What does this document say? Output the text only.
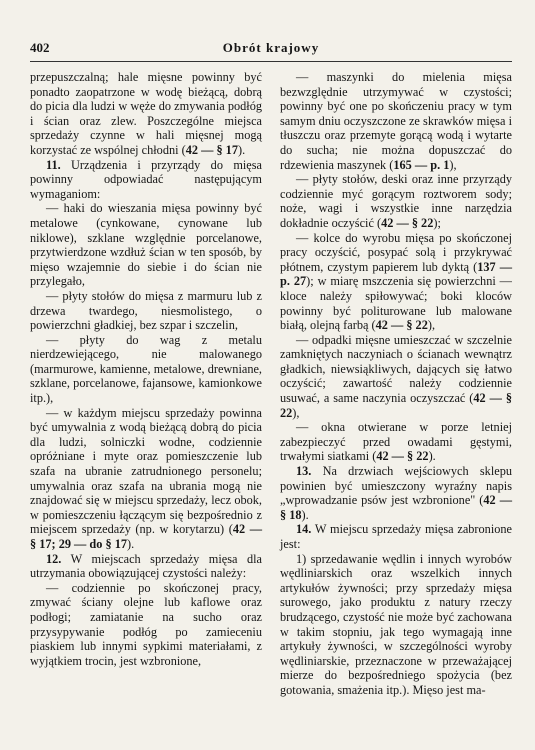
402	Obrót krajowy

przepuszczalną; hale mięsne powinny być ponadto zaopatrzone w wodę bieżącą, dobrą do picia dla ludzi w węże do zmywania podłóg i ścian oraz zlew. Poszczególne miejsca sprzedaży czynne w hali mięsnej mogą korzystać ze wspólnej chłodni (42 — § 17).

11. Urządzenia i przyrządy do mięsa powinny odpowiadać następującym wymaganiom:

— haki do wieszania mięsa powinny być metalowe (cynkowane, cynowane lub niklowe), szklane względnie porcelanowe, przytwierdzone wzdłuż ścian w ten sposób, by mięso wzajemnie do siebie i do ścian nie przylegało,

— płyty stołów do mięsa z marmuru lub z drzewa twardego, niesmolistego, o powierzchni gładkiej, bez szpar i szczelin,

— płyty do wag z metalu nierdzewiejącego, nie malowanego (marmurowe, kamienne, metalowe, drewniane, szklane, porcelanowe, fajansowe, kamionkowe itp.),

— w każdym miejscu sprzedaży powinna być umywalnia z wodą bieżącą dobrą do picia dla ludzi, solniczki wodne, codziennie opróżniane i myte oraz pomieszczenie lub szafa na ubranie zatrudnionego personelu; umywalnia oraz szafa na ubrania mogą nie znajdować się w miejscu sprzedaży, lecz obok, w pomieszczeniu łączącym się bezpośrednio z miejscem sprzedaży (np. w korytarzu) (42 — § 17; 29 — do § 17).

12. W miejscach sprzedaży mięsa dla utrzymania obowiązującej czystości należy:

— codziennie po skończonej pracy, zmywać ściany olejne lub kaflowe oraz podłogi; zamiatanie na sucho oraz przysypywanie podłóg po zamieceniu piaskiem lub innymi sypkimi materiałami, z wyjątkiem trocin, jest wzbronione,

— maszynki do mielenia mięsa bezwzględnie utrzymywać w czystości; powinny być one po skończeniu pracy w tym samym dniu oczyszczone ze skrawków mięsa i tłuszczu oraz przemyte gorącą wodą i wytarte do sucha; nie można dopuszczać do rdzewienia maszynek (165 — p. 1),

— płyty stołów, deski oraz inne przyrządy codziennie myć gorącym roztworem sody; noże, wagi i wszystkie inne narzędzia dokładnie oczyścić (42 — § 22);

— kolce do wyrobu mięsa po skończonej pracy oczyścić, posypać solą i przykrywać płótnem, czystym papierem lub dyktą (137 — p. 27); w miarę mszczenia się powierzchni — kloce należy spiłowywać; boki kloców powinny być politurowane lub malowane białą, olejną farbą (42 — § 22),

— odpadki mięsne umieszczać w szczelnie zamkniętych naczyniach o ścianach wewnątrz gładkich, niewsiąkliwych, dających się łatwo oczyścić; zawartość należy codziennie usuwać, a same naczynia oczyszczać (42 — § 22),

— okna otwierane w porze letniej zabezpieczyć przed owadami gęstymi, trwałymi siatkami (42 — § 22).

13. Na drzwiach wejściowych sklepu powinien być umieszczony wyraźny napis „wprowadzanie psów jest wzbronione" (42 — § 18).

14. W miejscu sprzedaży mięsa zabronione jest:

1) sprzedawanie wędlin i innych wyrobów wędliniarskich oraz wszelkich innych artykułów żywności; przy sprzedaży mięsa surowego, jako produktu z natury rzeczy brudzącego, czystość nie może być zachowana w takim stopniu, jak tego wymagają inne artykuły żywności, w szczególności wyroby wędliniarskie, przeznaczone w przeważającej mierze do bezpośredniego spożycia (bez gotowania, smażenia itp.). Mięso jest ma-
